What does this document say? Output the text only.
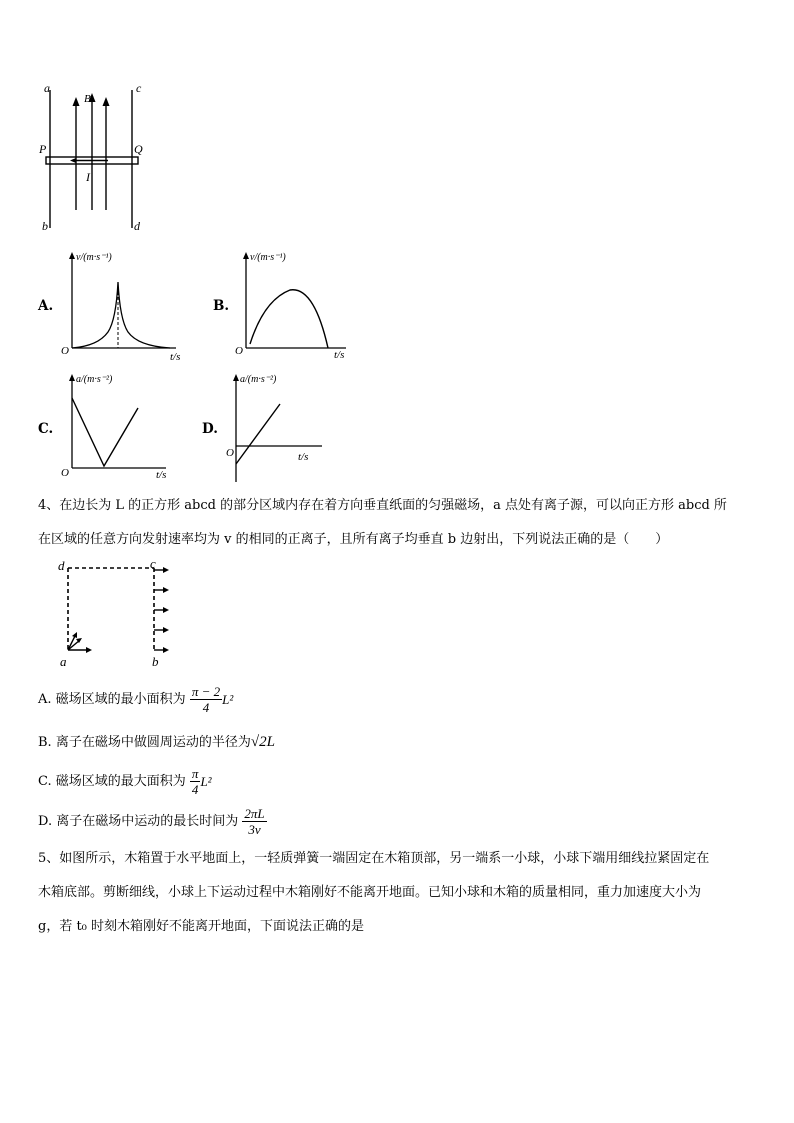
a	c
B
P	Q
I
b	d
A.
v/(m·s⁻¹)
O	t/s
B.
v/(m·s⁻¹)
O	t/s
C.
a/(m·s⁻²)
O	t/s
D.
a/(m·s⁻²)
O	t/s
4、在边长为 L 的正方形 abcd 的部分区域内存在着方向垂直纸面的匀强磁场，a 点处有离子源，可以向正方形 abcd 所
在区域的任意方向发射速率均为 v 的相同的正离子，且所有离子均垂直 b 边射出，下列说法正确的是（　　）
d	c
a	b
A. 磁场区域的最小面积为 $\frac{\pi - 2}{4} L^2$
B. 离子在磁场中做圆周运动的半径为√2L
C. 磁场区域的最大面积为 $\frac{\pi}{4} L^2$
D. 离子在磁场中运动的最长时间为 $\frac{2\pi L}{3v}$
5、如图所示，木箱置于水平地面上，一轻质弹簧一端固定在木箱顶部，另一端系一小球，小球下端用细线拉紧固定在
木箱底部。剪断细线，小球上下运动过程中木箱刚好不能离开地面。已知小球和木箱的质量相同，重力加速度大小为
g，若 t₀ 时刻木箱刚好不能离开地面，下面说法正确的是
